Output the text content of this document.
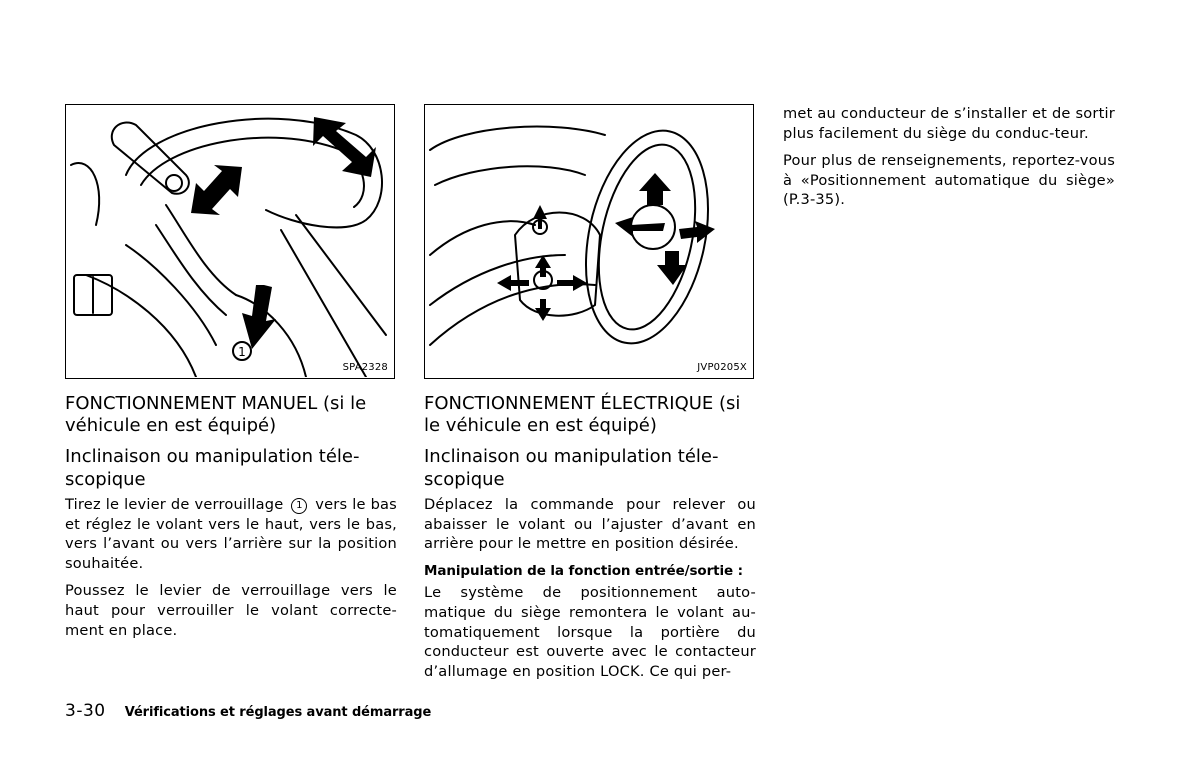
1
SPA2328	JVP0205X
FONCTIONNEMENT MANUEL (si le véhicule en est équipé)
Inclinaison ou manipulation téle-scopique

Tirez le levier de verrouillage 1 vers le bas et réglez le volant vers le haut, vers le bas, vers l’avant ou vers l’arrière sur la position souhaitée.

Poussez le levier de verrouillage vers le haut pour verrouiller le volant correcte-ment en place.

FONCTIONNEMENT ÉLECTRIQUE (si le véhicule en est équipé)
Inclinaison ou manipulation téle-scopique

Déplacez la commande pour relever ou abaisser le volant ou l’ajuster d’avant en arrière pour le mettre en position désirée.

Manipulation de la fonction entrée/sortie :

Le système de positionnement auto-matique du siège remontera le volant au-tomatiquement lorsque la portière du conducteur est ouverte avec le contacteur d’allumage en position LOCK. Ce qui per-

met au conducteur de s’installer et de sortir plus facilement du siège du conduc-teur.

Pour plus de renseignements, reportez-vous à «Positionnement automatique du siège» (P.3-35).

3-30 Vérifications et réglages avant démarrage
